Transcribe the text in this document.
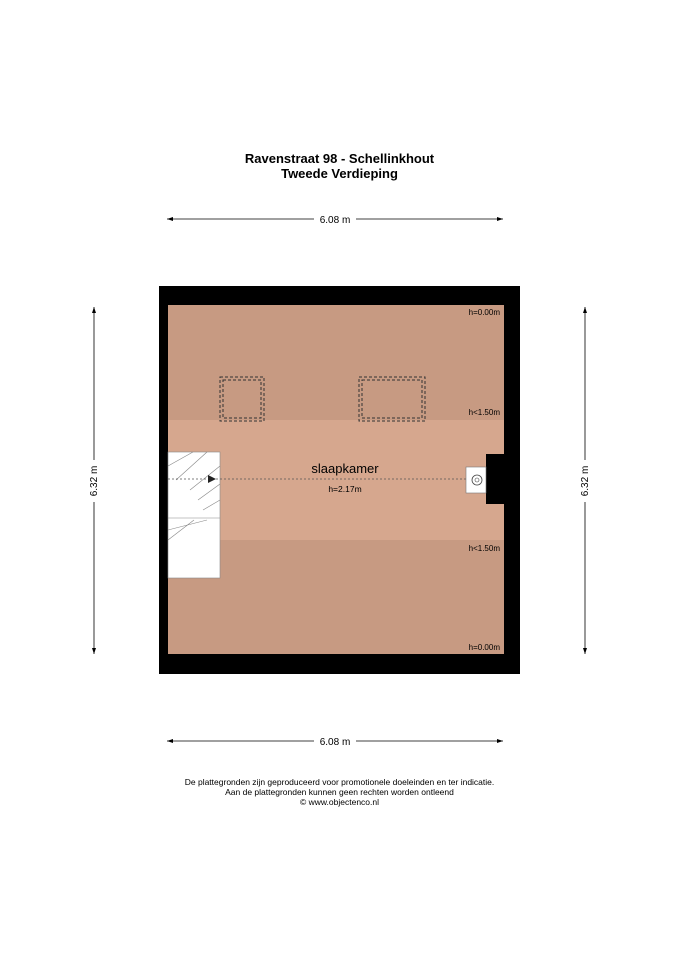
Ravenstraat 98 - Schellinkhout
Tweede Verdieping
6.08 m
6.08 m
6.32 m	6.32 m
slaapkamer
h=2.17m
h=0.00m
h<1.50m
h<1.50m
h=0.00m
De plattegronden zijn geproduceerd voor promotionele doeleinden en ter indicatie.
Aan de plattegronden kunnen geen rechten worden ontleend
© www.objectenco.nl
